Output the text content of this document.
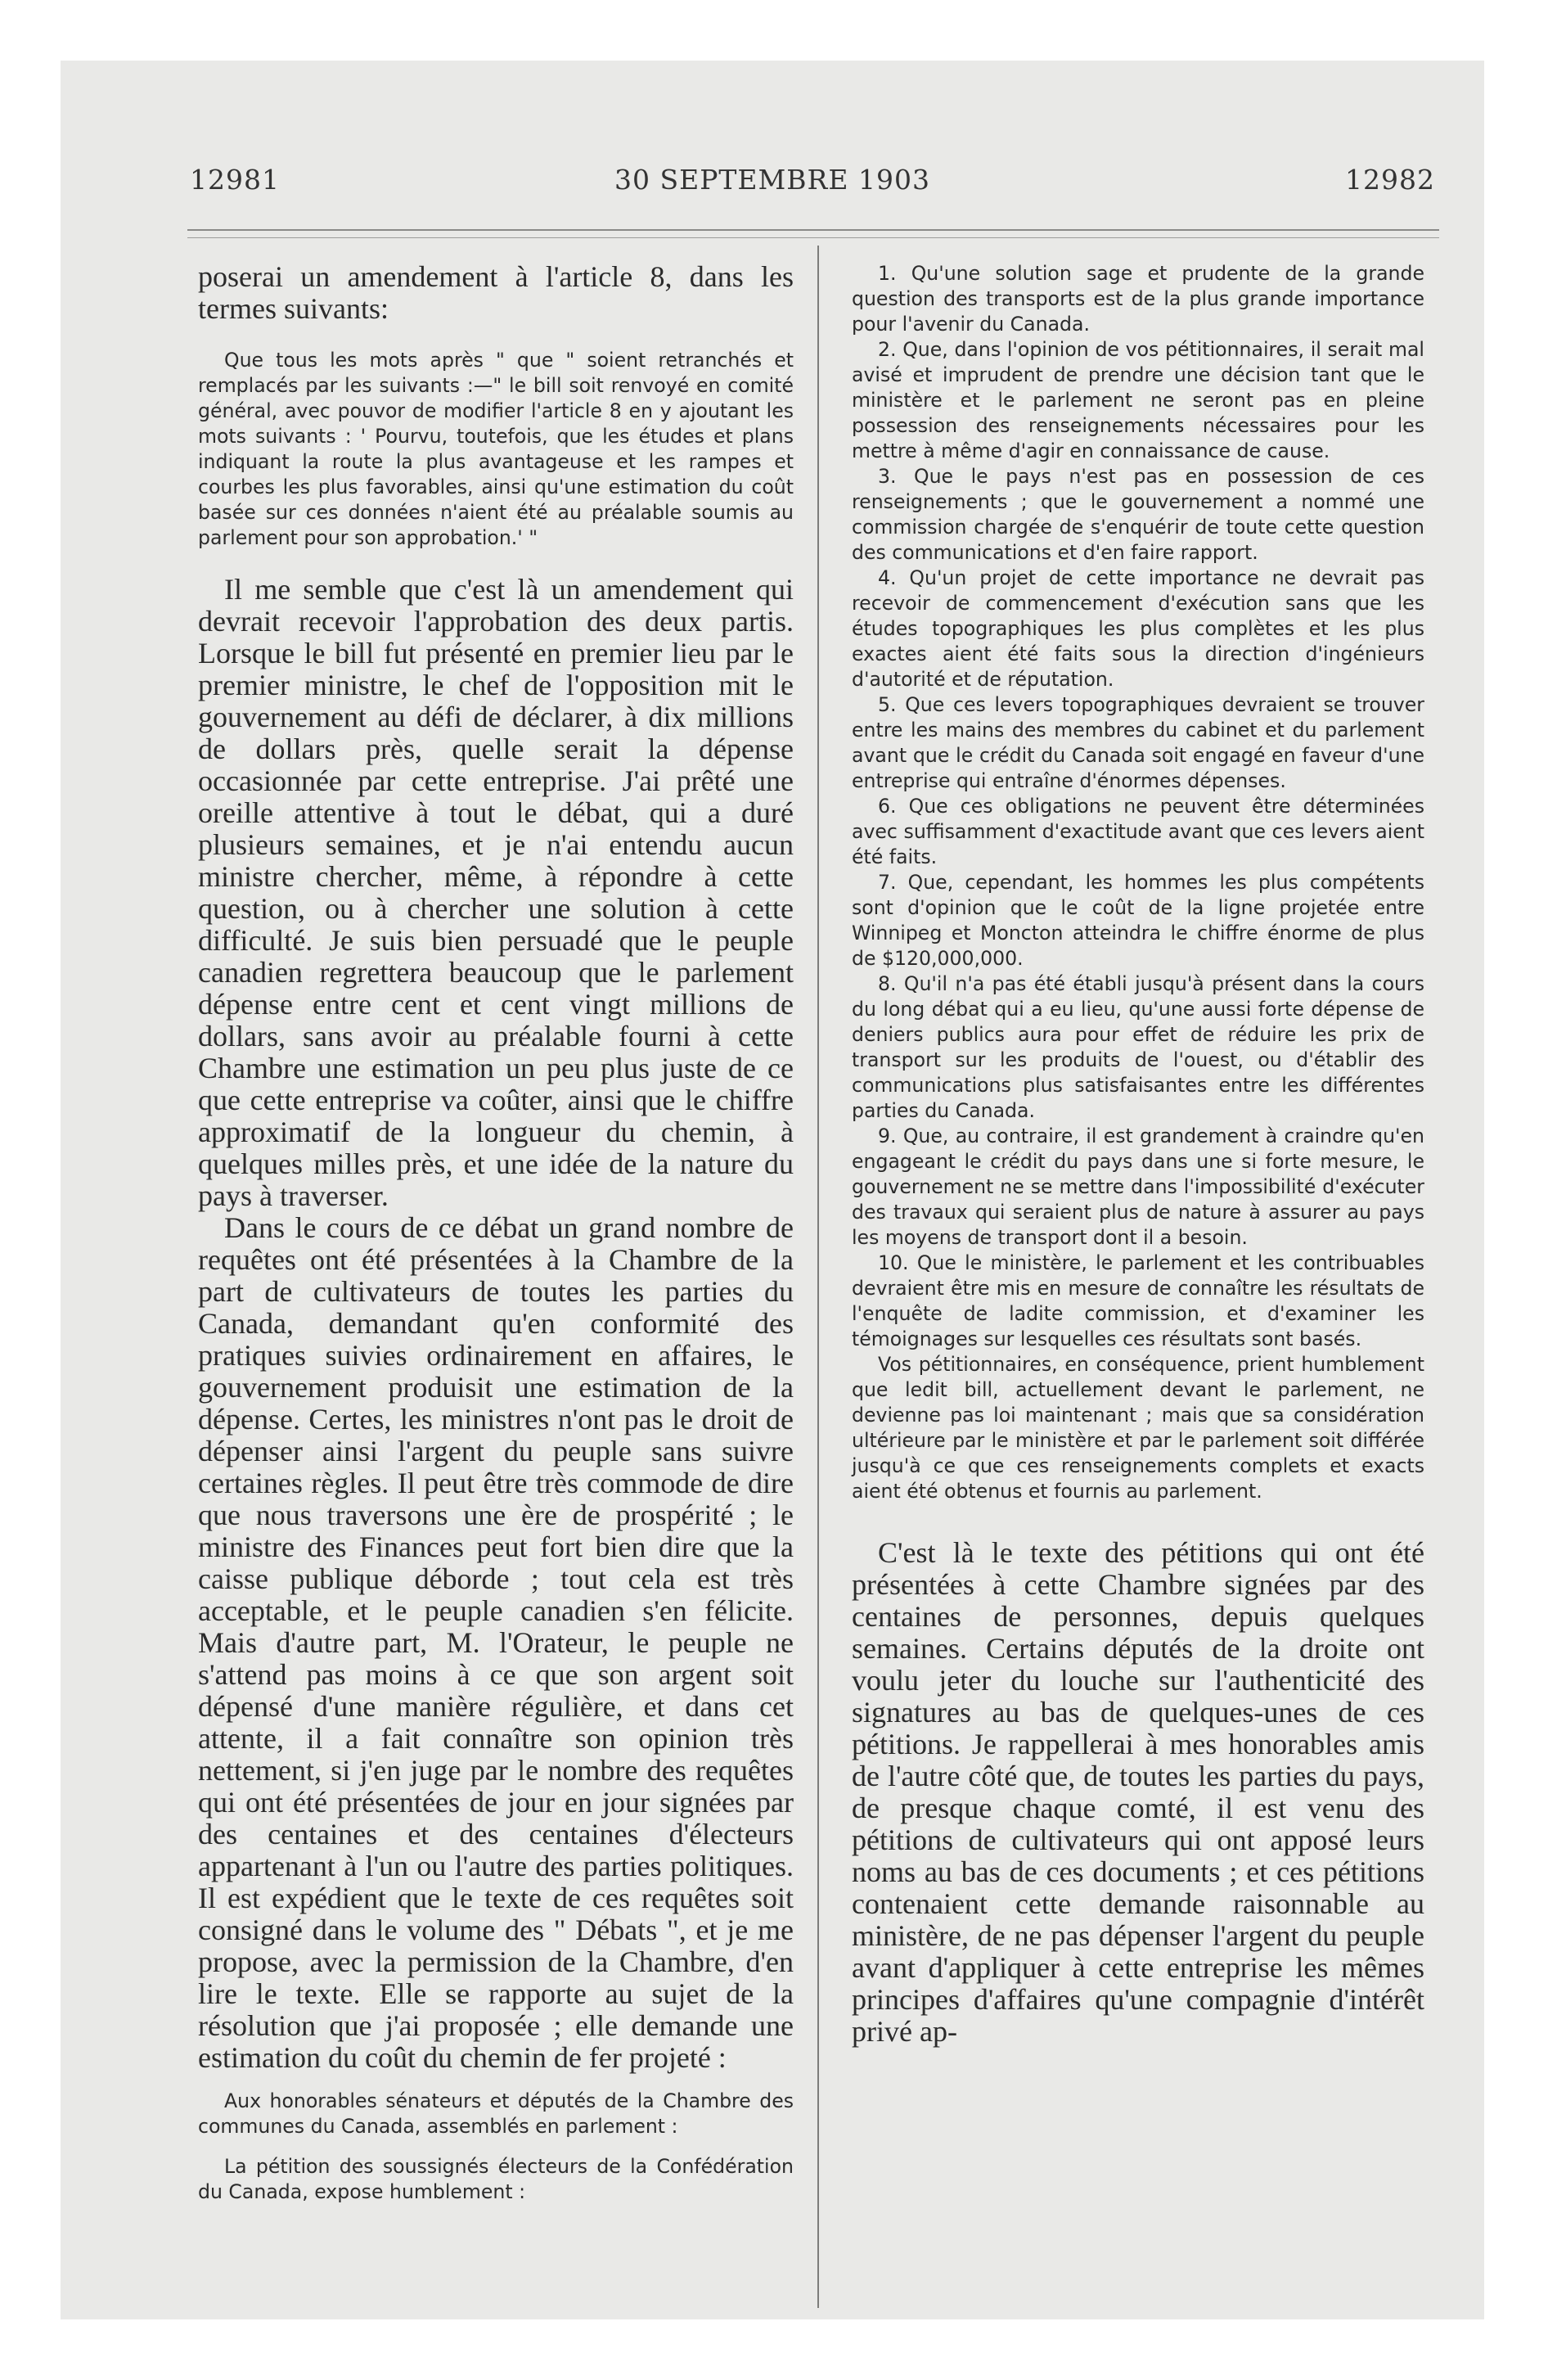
30 SEPTEMBRE 1903
12981	12982

poserai un amendement à l'article 8, dans les termes suivants:

Que tous les mots après " que " soient retranchés et remplacés par les suivants :—" le bill soit renvoyé en comité général, avec pouvor de modifier l'article 8 en y ajoutant les mots suivants : ' Pourvu, toutefois, que les études et plans indiquant la route la plus avantageuse et les rampes et courbes les plus favorables, ainsi qu'une estimation du coût basée sur ces données n'aient été au préalable soumis au parlement pour son approbation.' "

Il me semble que c'est là un amendement qui devrait recevoir l'approbation des deux partis. Lorsque le bill fut présenté en premier lieu par le premier ministre, le chef de l'opposition mit le gouvernement au défi de déclarer, à dix millions de dollars près, quelle serait la dépense occasionnée par cette entreprise. J'ai prêté une oreille attentive à tout le débat, qui a duré plusieurs semaines, et je n'ai entendu aucun ministre chercher, même, à répondre à cette question, ou à chercher une solution à cette difficulté. Je suis bien persuadé que le peuple canadien regrettera beaucoup que le parlement dépense entre cent et cent vingt millions de dollars, sans avoir au préalable fourni à cette Chambre une estimation un peu plus juste de ce que cette entreprise va coûter, ainsi que le chiffre approximatif de la longueur du chemin, à quelques milles près, et une idée de la nature du pays à traverser.

Dans le cours de ce débat un grand nombre de requêtes ont été présentées à la Chambre de la part de cultivateurs de toutes les parties du Canada, demandant qu'en conformité des pratiques suivies ordinairement en affaires, le gouvernement produisit une estimation de la dépense. Certes, les ministres n'ont pas le droit de dépenser ainsi l'argent du peuple sans suivre certaines règles. Il peut être très commode de dire que nous traversons une ère de prospérité ; le ministre des Finances peut fort bien dire que la caisse publique déborde ; tout cela est très acceptable, et le peuple canadien s'en félicite. Mais d'autre part, M. l'Orateur, le peuple ne s'attend pas moins à ce que son argent soit dépensé d'une manière régulière, et dans cet attente, il a fait connaître son opinion très nettement, si j'en juge par le nombre des requêtes qui ont été présentées de jour en jour signées par des centaines et des centaines d'électeurs appartenant à l'un ou l'autre des parties politiques. Il est expédient que le texte de ces requêtes soit consigné dans le volume des " Débats ", et je me propose, avec la permission de la Chambre, d'en lire le texte. Elle se rapporte au sujet de la résolution que j'ai proposée ; elle demande une estimation du coût du chemin de fer projeté :

Aux honorables sénateurs et députés de la Chambre des communes du Canada, assemblés en parlement :

La pétition des soussignés électeurs de la Confédération du Canada, expose humblement :

1. Qu'une solution sage et prudente de la grande question des transports est de la plus grande importance pour l'avenir du Canada.

2. Que, dans l'opinion de vos pétitionnaires, il serait mal avisé et imprudent de prendre une décision tant que le ministère et le parlement ne seront pas en pleine possession des renseignements nécessaires pour les mettre à même d'agir en connaissance de cause.

3. Que le pays n'est pas en possession de ces renseignements ; que le gouvernement a nommé une commission chargée de s'enquérir de toute cette question des communications et d'en faire rapport.

4. Qu'un projet de cette importance ne devrait pas recevoir de commencement d'exécution sans que les études topographiques les plus complètes et les plus exactes aient été faits sous la direction d'ingénieurs d'autorité et de réputation.

5. Que ces levers topographiques devraient se trouver entre les mains des membres du cabinet et du parlement avant que le crédit du Canada soit engagé en faveur d'une entreprise qui entraîne d'énormes dépenses.

6. Que ces obligations ne peuvent être déterminées avec suffisamment d'exactitude avant que ces levers aient été faits.

7. Que, cependant, les hommes les plus compétents sont d'opinion que le coût de la ligne projetée entre Winnipeg et Moncton atteindra le chiffre énorme de plus de $120,000,000.

8. Qu'il n'a pas été établi jusqu'à présent dans la cours du long débat qui a eu lieu, qu'une aussi forte dépense de deniers publics aura pour effet de réduire les prix de transport sur les produits de l'ouest, ou d'établir des communications plus satisfaisantes entre les différentes parties du Canada.

9. Que, au contraire, il est grandement à craindre qu'en engageant le crédit du pays dans une si forte mesure, le gouvernement ne se mettre dans l'impossibilité d'exécuter des travaux qui seraient plus de nature à assurer au pays les moyens de transport dont il a besoin.

10. Que le ministère, le parlement et les contribuables devraient être mis en mesure de connaître les résultats de l'enquête de ladite commission, et d'examiner les témoignages sur lesquelles ces résultats sont basés.

Vos pétitionnaires, en conséquence, prient humblement que ledit bill, actuellement devant le parlement, ne devienne pas loi maintenant ; mais que sa considération ultérieure par le ministère et par le parlement soit différée jusqu'à ce que ces renseignements complets et exacts aient été obtenus et fournis au parlement.

C'est là le texte des pétitions qui ont été présentées à cette Chambre signées par des centaines de personnes, depuis quelques semaines. Certains députés de la droite ont voulu jeter du louche sur l'authenticité des signatures au bas de quelques-unes de ces pétitions. Je rappellerai à mes honorables amis de l'autre côté que, de toutes les parties du pays, de presque chaque comté, il est venu des pétitions de cultivateurs qui ont apposé leurs noms au bas de ces documents ; et ces pétitions contenaient cette demande raisonnable au ministère, de ne pas dépenser l'argent du peuple avant d'appliquer à cette entreprise les mêmes principes d'affaires qu'une compagnie d'intérêt privé ap-
